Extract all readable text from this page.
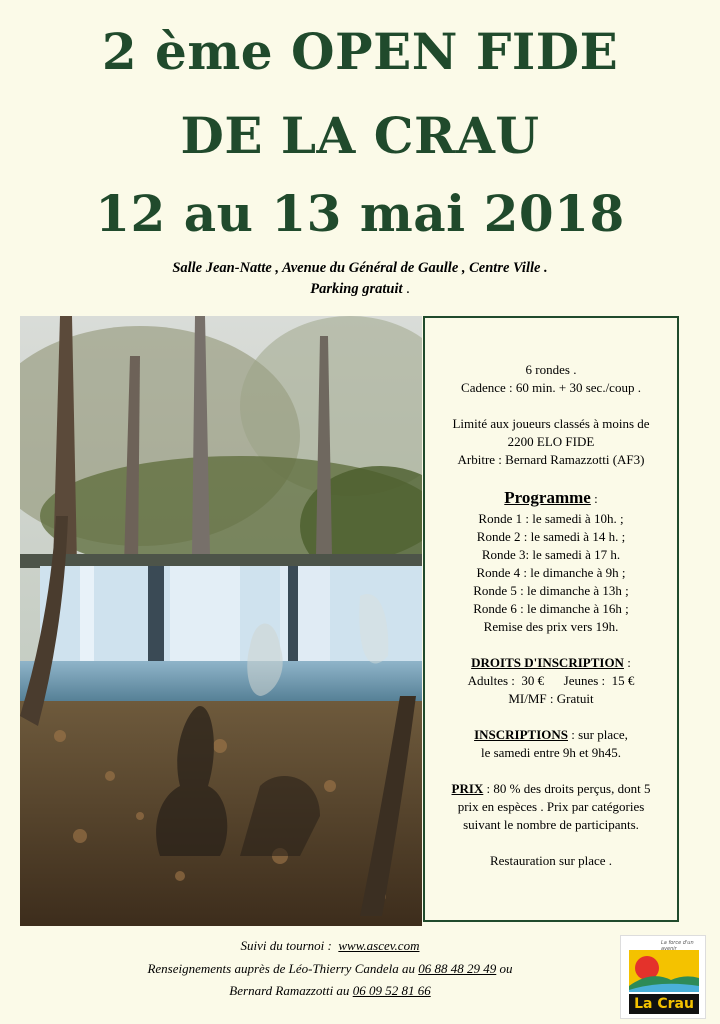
2 ème OPEN FIDE
DE LA CRAU
12 au 13 mai 2018
Salle Jean-Natte , Avenue du Général de Gaulle , Centre Ville .
Parking gratuit .

6 rondes .

Cadence : 60 min. + 30 sec./coup .

Limité aux joueurs classés à moins de

2200 ELO FIDE

Arbitre : Bernard Ramazzotti (AF3)

Programme :

Ronde 1 : le samedi à 10h. ;

Ronde 2 : le samedi à 14 h. ;

Ronde 3: le samedi à 17 h.

Ronde 4 : le dimanche à 9h ;

Ronde 5 : le dimanche à 13h ;

Ronde 6 : le dimanche à 16h ;

Remise des prix vers 19h.

DROITS D'INSCRIPTION :

Adultes :  30 €      Jeunes :  15 €

MI/MF : Gratuit

INSCRIPTIONS : sur place,

le samedi entre 9h et 9h45.

PRIX : 80 % des droits perçus, dont 5

prix en espèces . Prix par catégories

suivant le nombre de participants.

Restauration sur place .

Suivi du tournoi :  www.ascev.com
Renseignements auprès de Léo-Thierry Candela au 06 88 48 29 49 ou
Bernard Ramazzotti au 06 09 52 81 66
La force d'un avenir
La Crau
